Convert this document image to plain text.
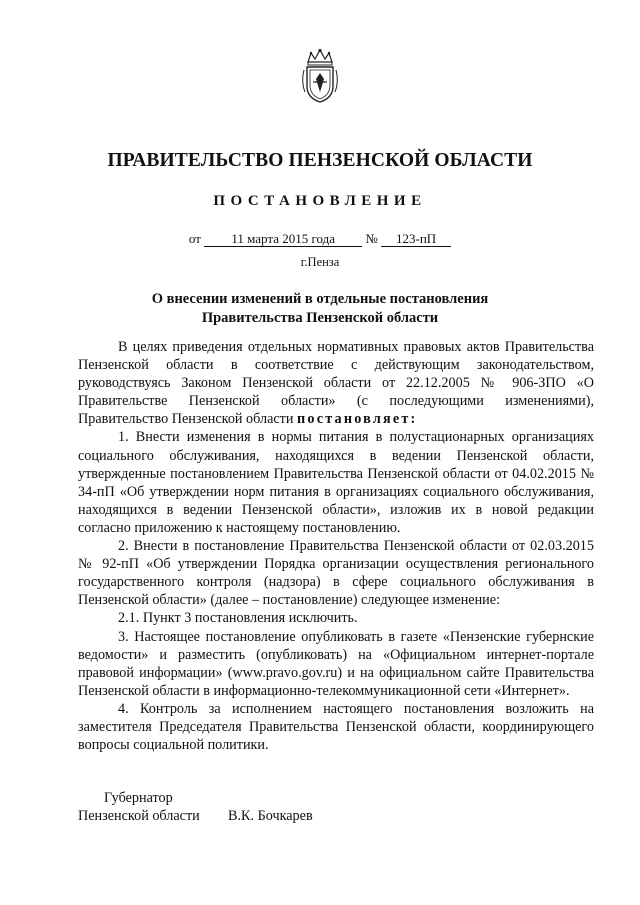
ПРАВИТЕЛЬСТВО ПЕНЗЕНСКОЙ ОБЛАСТИ
ПОСТАНОВЛЕНИЕ
от 11 марта 2015 года № 123-пП
г.Пенза
О внесении изменений в отдельные постановления
Правительства Пензенской области

В целях приведения отдельных нормативных правовых актов Правительства Пензенской области в соответствие с действующим законодательством, руководствуясь Законом Пензенской области от 22.12.2005 № 906-ЗПО «О Правительстве Пензенской области» (с последующими изменениями), Правительство Пензенской области постановляет:

1. Внести изменения в нормы питания в полустационарных организациях социального обслуживания, находящихся в ведении Пензенской области, утвержденные постановлением Правительства Пензенской области от 04.02.2015 № 34-пП «Об утверждении норм питания в организациях социального обслуживания, находящихся в ведении Пензенской области», изложив их в новой редакции согласно приложению к настоящему постановлению.

2. Внести в постановление Правительства Пензенской области от 02.03.2015 № 92-пП «Об утверждении Порядка организации осуществления регионального государственного контроля (надзора) в сфере социального обслуживания в Пензенской области» (далее – постановление) следующее изменение:

2.1. Пункт 3 постановления исключить.

3. Настоящее постановление опубликовать в газете «Пензенские губернские ведомости» и разместить (опубликовать) на «Официальном интернет-портале правовой информации» (www.pravo.gov.ru) и на официальном сайте Правительства Пензенской области в информационно-телекоммуникационной сети «Интернет».

4. Контроль за исполнением настоящего постановления возложить на заместителя Председателя Правительства Пензенской области, координирующего вопросы социальной политики.

Губернатор
Пензенской области В.К. Бочкарев
